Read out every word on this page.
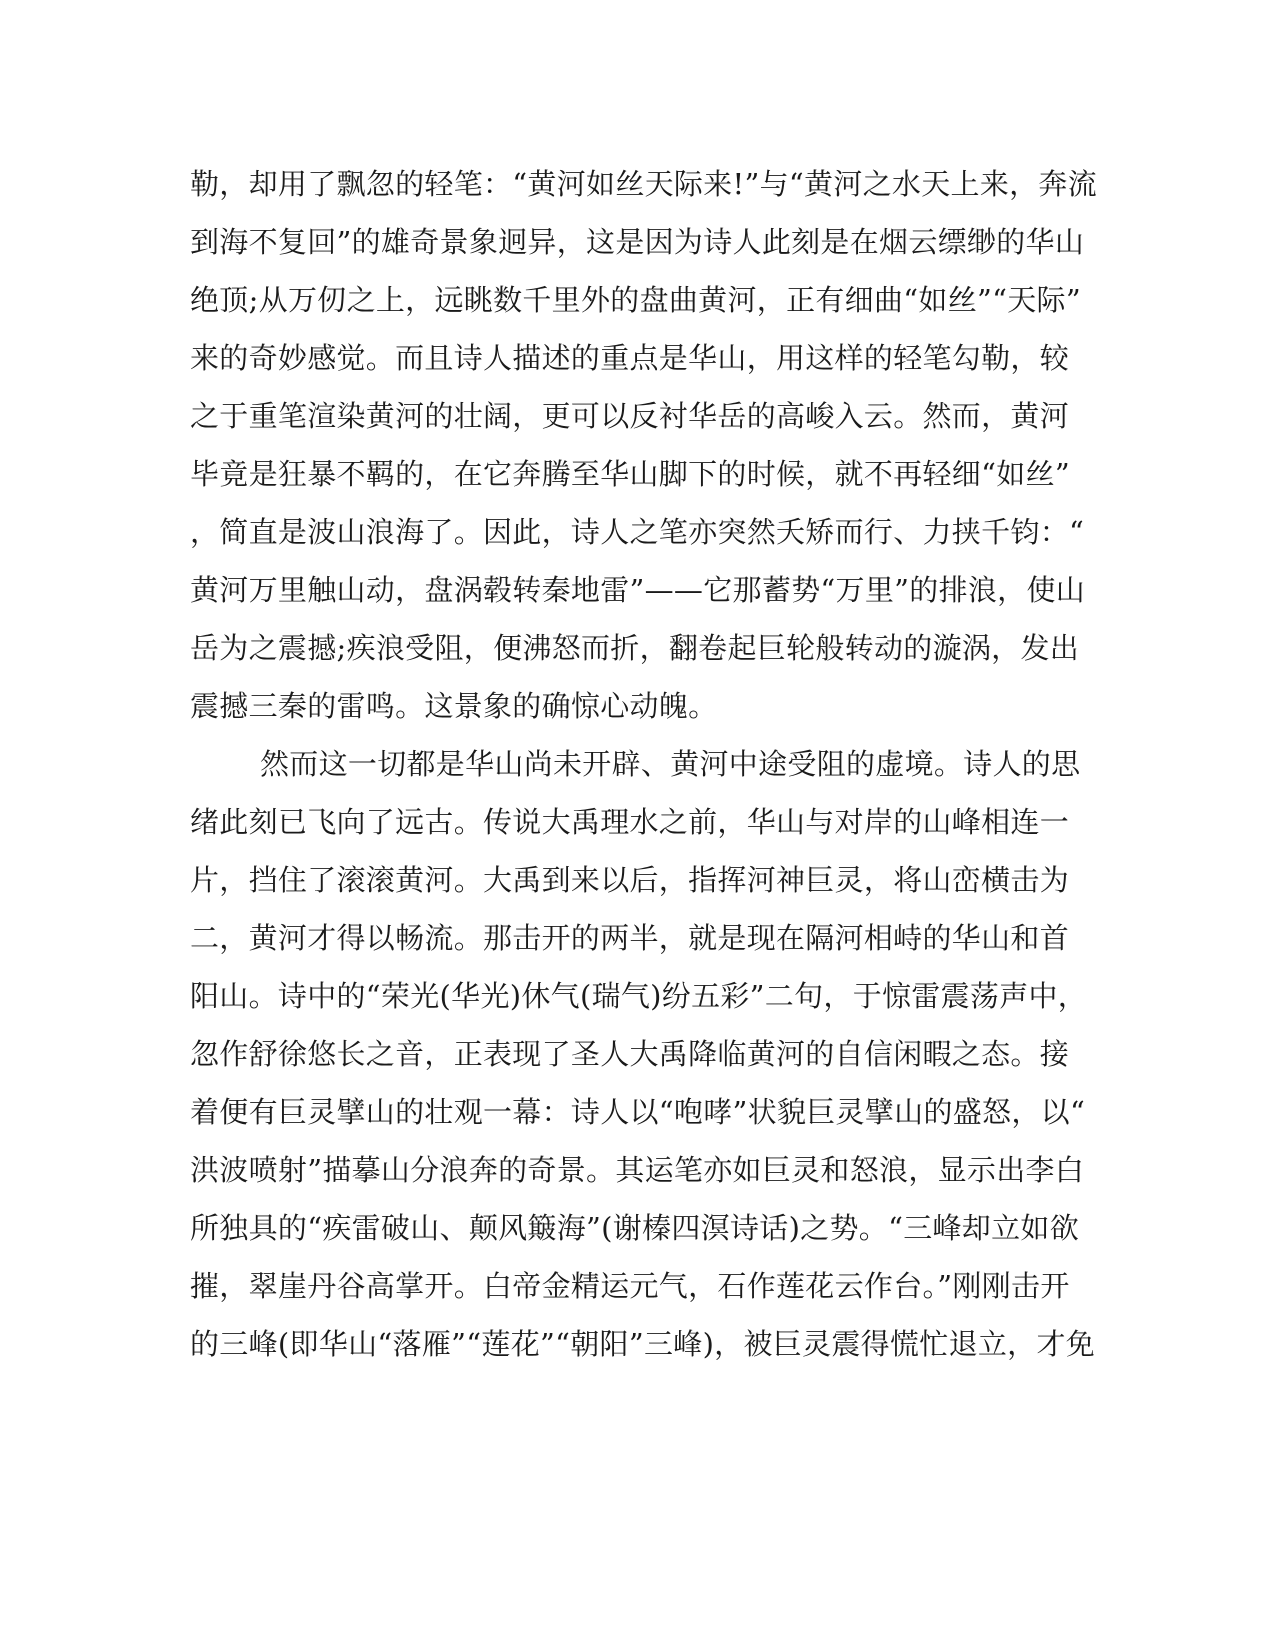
勒，却用了飘忽的轻笔：“黄河如丝天际来!”与“黄河之水天上来，奔流
到海不复回”的雄奇景象迥异，这是因为诗人此刻是在烟云缥缈的华山
绝顶;从万仞之上，远眺数千里外的盘曲黄河，正有细曲“如丝”“天际”
来的奇妙感觉。而且诗人描述的重点是华山，用这样的轻笔勾勒，较
之于重笔渲染黄河的壮阔，更可以反衬华岳的高峻入云。然而，黄河
毕竟是狂暴不羁的，在它奔腾至华山脚下的时候，就不再轻细“如丝”
，简直是波山浪海了。因此，诗人之笔亦突然夭矫而行、力挟千钧：“
黄河万里触山动，盘涡毂转秦地雷”——它那蓄势“万里”的排浪，使山
岳为之震撼;疾浪受阻，便沸怒而折，翻卷起巨轮般转动的漩涡，发出
震撼三秦的雷鸣。这景象的确惊心动魄。
然而这一切都是华山尚未开辟、黄河中途受阻的虚境。诗人的思
绪此刻已飞向了远古。传说大禹理水之前，华山与对岸的山峰相连一
片，挡住了滚滚黄河。大禹到来以后，指挥河神巨灵，将山峦横击为
二，黄河才得以畅流。那击开的两半，就是现在隔河相峙的华山和首
阳山。诗中的“荣光(华光)休气(瑞气)纷五彩”二句，于惊雷震荡声中，
忽作舒徐悠长之音，正表现了圣人大禹降临黄河的自信闲暇之态。接
着便有巨灵擘山的壮观一幕：诗人以“咆哮”状貌巨灵擘山的盛怒，以“
洪波喷射”描摹山分浪奔的奇景。其运笔亦如巨灵和怒浪，显示出李白
所独具的“疾雷破山、颠风簸海”(谢榛四溟诗话)之势。“三峰却立如欲
摧，翠崖丹谷高掌开。白帝金精运元气，石作莲花云作台。”刚刚击开
的三峰(即华山“落雁”“莲花”“朝阳”三峰)，被巨灵震得慌忙退立，才免
